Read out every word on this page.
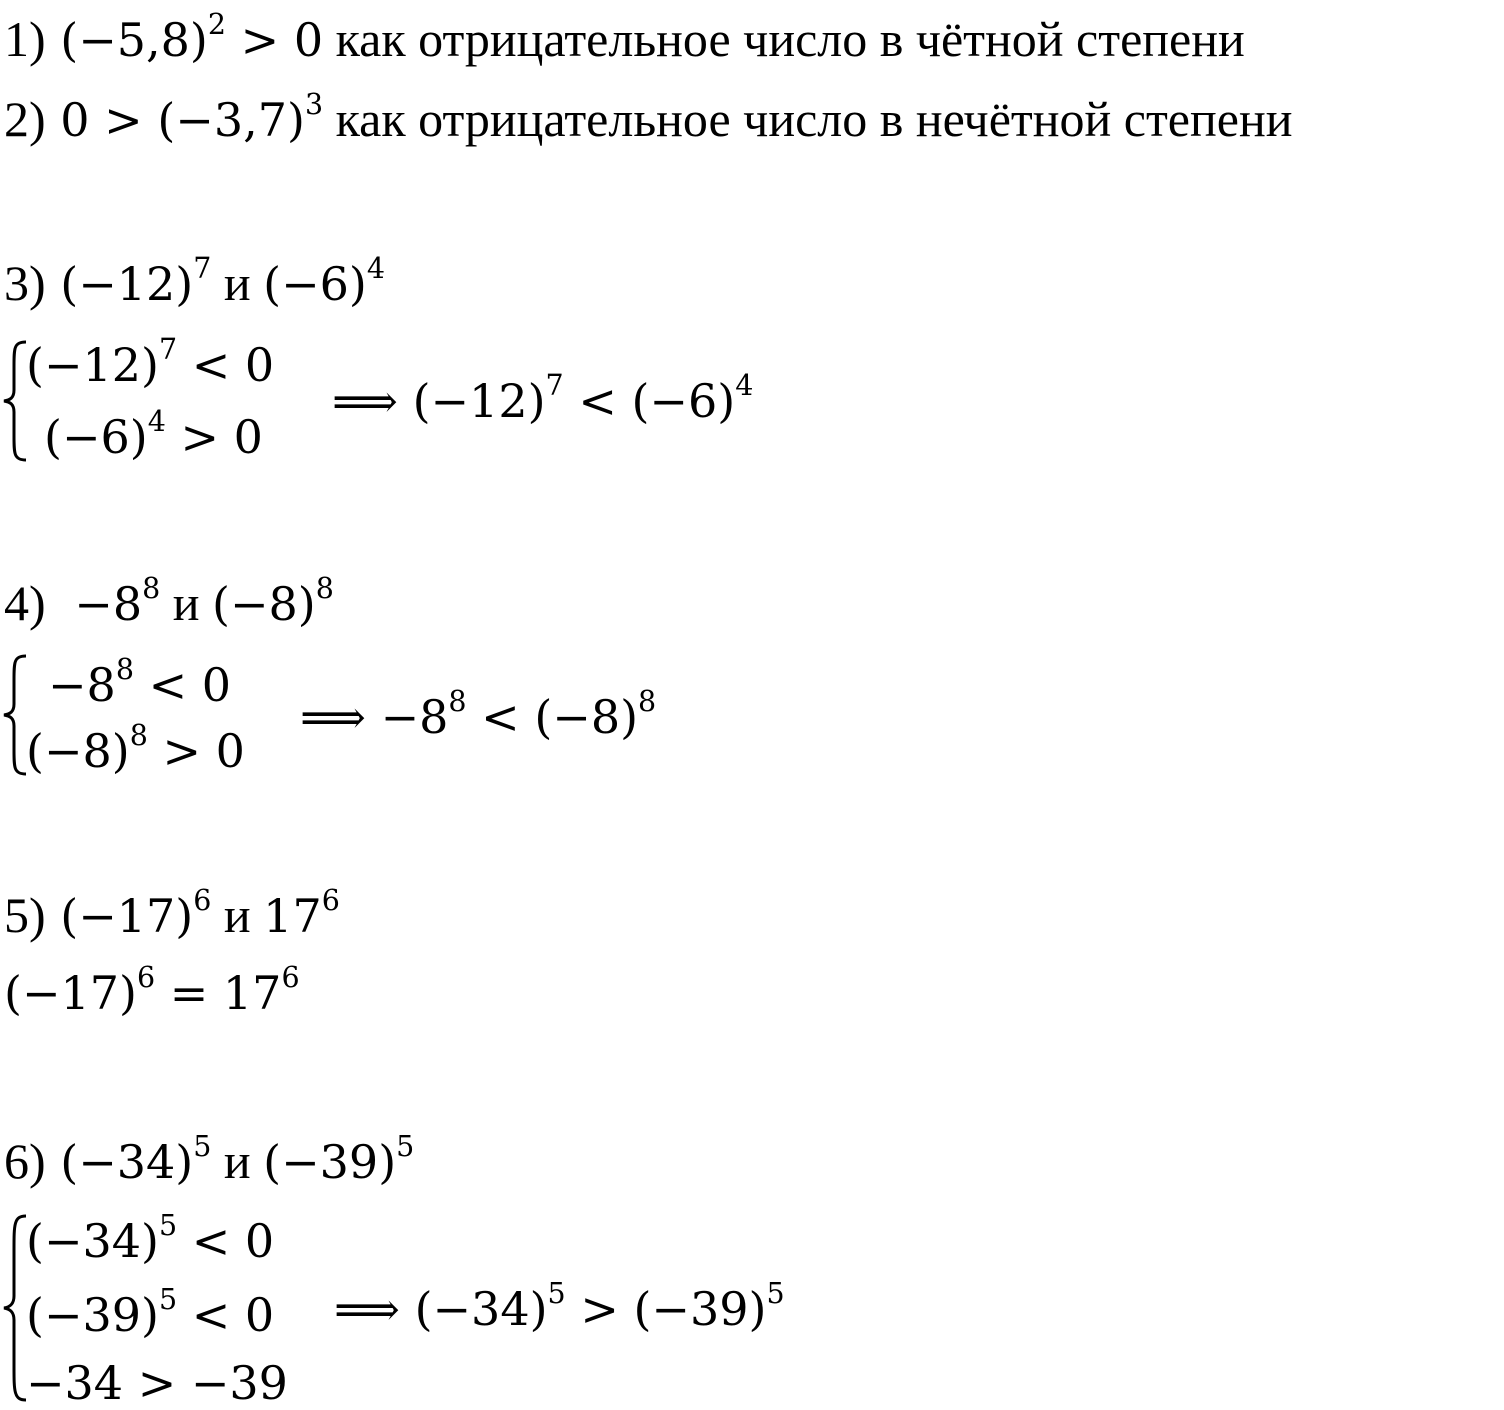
1) $(-5,8)^2 > 0$ как отрицательное число в чётной степени
2) $0 > (-3,7)^3$ как отрицательное число в нечётной степени
3) $(-12)^7$ и $(-6)^4$
$(-12)^7 < 0$
$(-6)^4 > 0$
⟹ $(-12)^7 < (-6)^4$
$4) -8^8$ и $(-8)^8$
$-8^8 < 0$
$(-8)^8 > 0$
⟹ $-8^8 < (-8)^8$
5) $(-17)^6$ и $17^6$
$(-17)^6 = 17^6$
6) $(-34)^5$ и $(-39)^5$
$(-34)^5 < 0$
$(-39)^5 < 0$
−34 > −39
⟹ $(-34)^5 > (-39)^5$
